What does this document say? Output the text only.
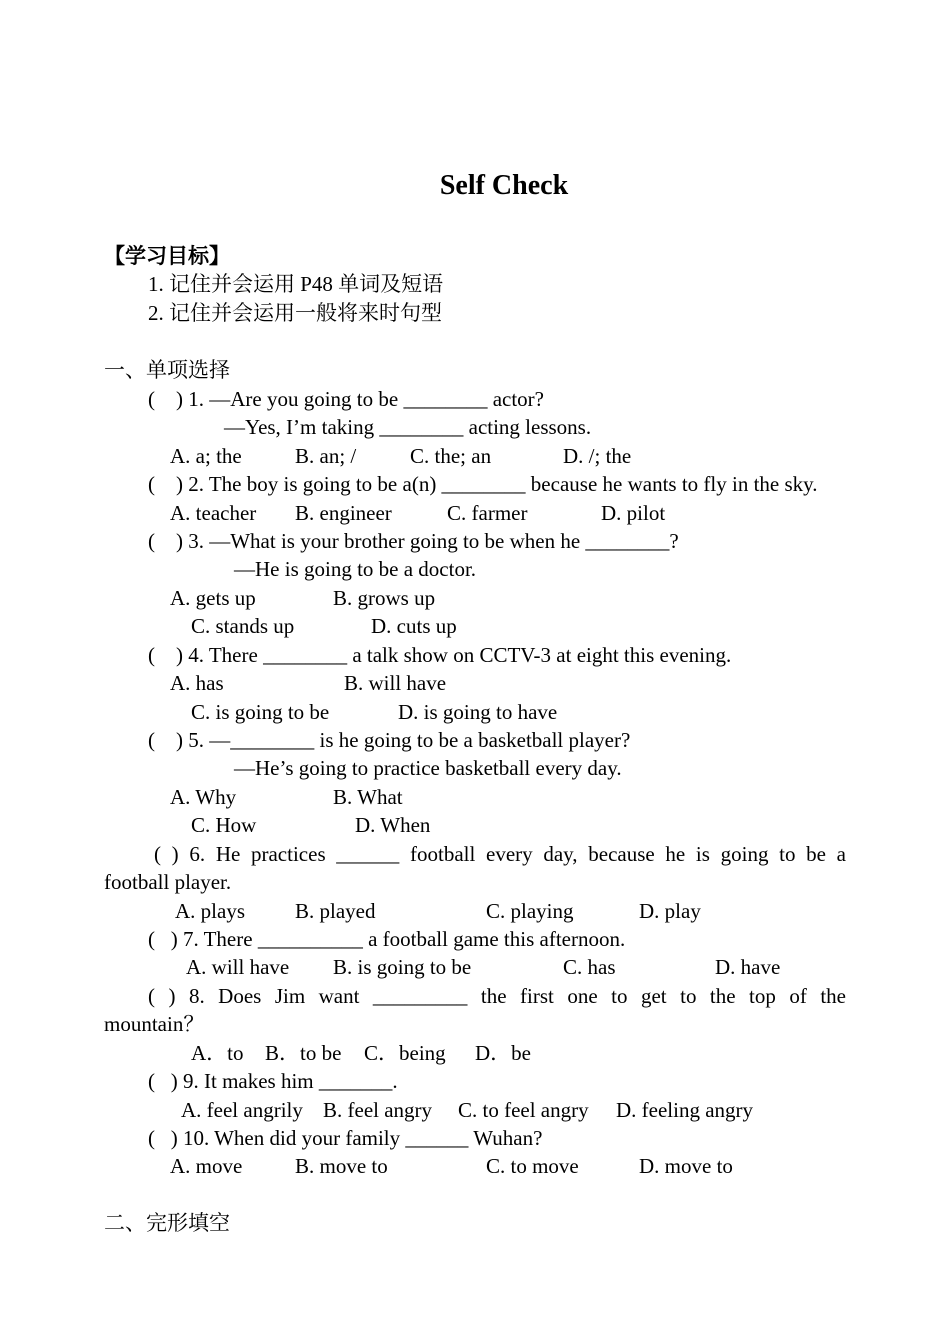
Self Check
【学习目标】
1. 记住并会运用 P48 单词及短语
2. 记住并会运用一般将来时句型
一、单项选择
(    ) 1. —Are you going to be ________ actor?
—Yes, I’m taking ________ acting lessons.
A. a; the	B. an; /	C. the; an	D. /; the
(    ) 2. The boy is going to be a(n) ________ because he wants to fly in the sky.
A. teacher B. engineer	C. farmer	D. pilot
(    ) 3. —What is your brother going to be when he ________?
—He is going to be a doctor.
A. gets up	B. grows up
C. stands up	D. cuts up
(    ) 4. There ________ a talk show on CCTV-3 at eight this evening.
A. has	B. will have
C. is going to be	D. is going to have
(    ) 5. —________ is he going to be a basketball player?
—He’s going to practice basketball every day.
A. Why	B. What
C. How	D. When
( ) 6. He practices ______ football every day, because he is going to be a
football player.
A. plays B. played	C. playing	D. play
(   ) 7. There __________ a football game this afternoon.
A. will have B. is going to be	C. has	D. have
( ) 8. Does Jim want _________ the first one to get to the top of the
mountain？
A．to B．to be C．being D．be
(   ) 9. It makes him _______.
A. feel angrily B. feel angry C. to feel angry D. feeling angry
(   ) 10. When did your family ______ Wuhan?
A. move	B. move to	C. to move	D. move to
二、完形填空
